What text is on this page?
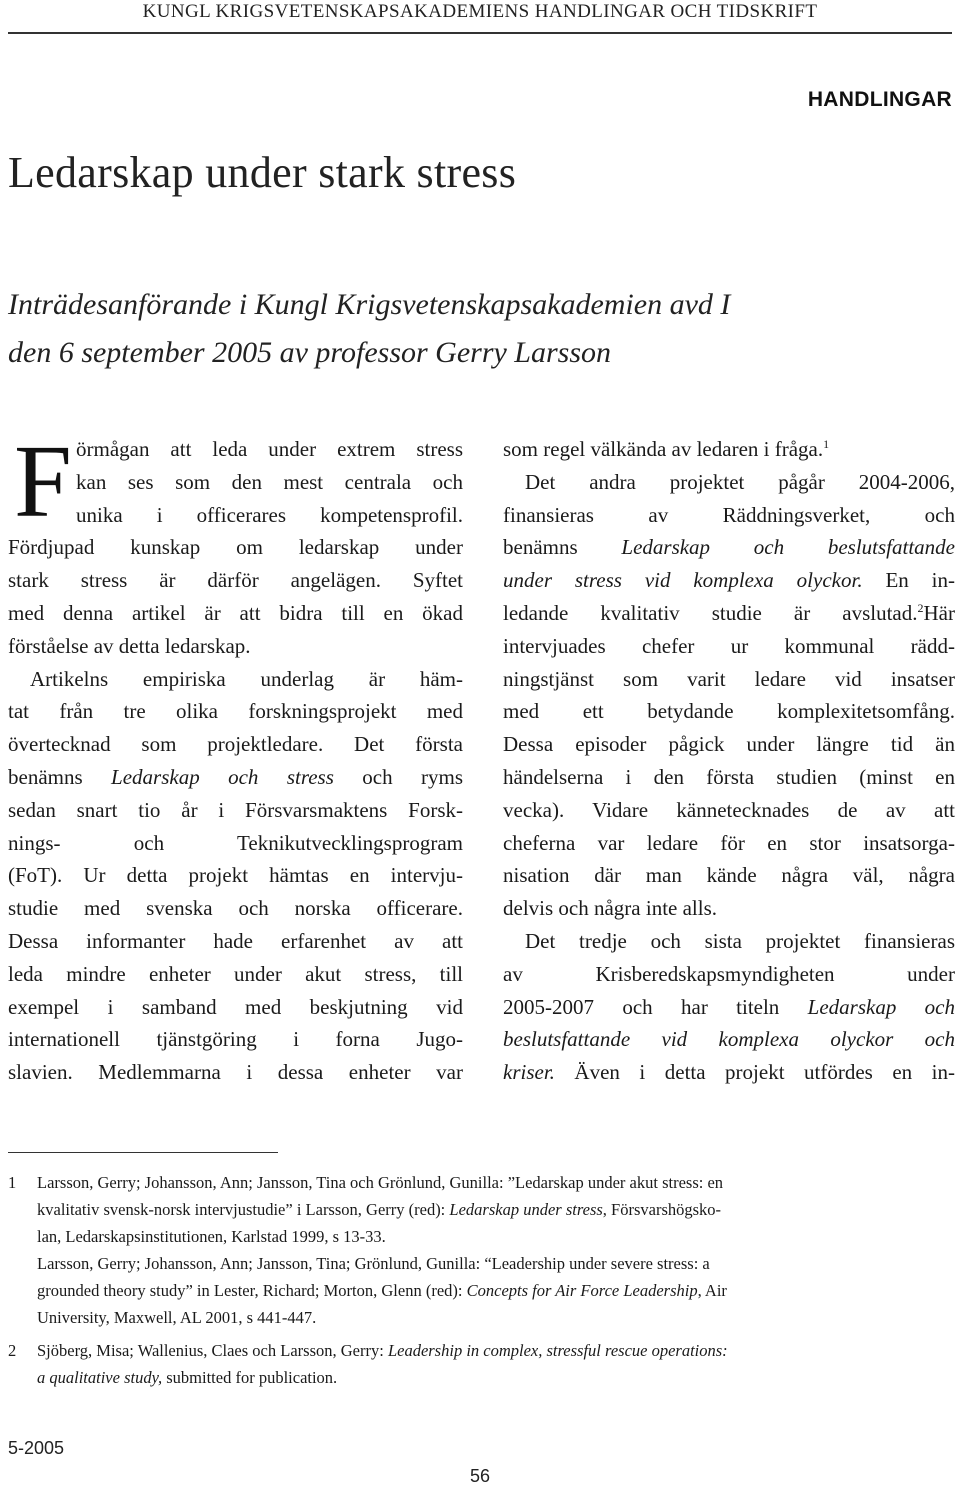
KUNGL KRIGSVETENSKAPSAKADEMIENS HANDLINGAR OCH TIDSKRIFT
HANDLINGAR
Ledarskap under stark stress
Inträdesanförande i Kungl Krigsvetenskapsakademien avd I
den 6 september 2005 av professor Gerry Larsson
F örmågan att leda under extrem stress
kan ses som den mest centrala och
unika i officerares kompetensprofil.
Fördjupad kunskap om ledarskap under
stark stress är därför angelägen. Syftet
med denna artikel är att bidra till en ökad
förståelse av detta ledarskap.
Artikelns empiriska underlag är häm-
tat från tre olika forskningsprojekt med
övertecknad som projektledare. Det första
benämns Ledarskap och stress och ryms
sedan snart tio år i Försvarsmaktens Forsk-
nings- och Teknikutvecklingsprogram
(FoT). Ur detta projekt hämtas en intervju-
studie med svenska och norska officerare.
Dessa informanter hade erfarenhet av att
leda mindre enheter under akut stress, till
exempel i samband med beskjutning vid
internationell tjänstgöring i forna Jugo-
slavien. Medlemmarna i dessa enheter var
som regel välkända av ledaren i fråga.$^1$
Det andra projektet pågår 2004-2006,
finansieras av Räddningsverket, och
benämns Ledarskap och beslutsfattande
under stress vid komplexa olyckor. En in-
ledande kvalitativ studie är avslutad.$^2$Här
intervjuades chefer ur kommunal rädd-
ningstjänst som varit ledare vid insatser
med ett betydande komplexitetsomfång.
Dessa episoder pågick under längre tid än
händelserna i den första studien (minst en
vecka). Vidare kännetecknades de av att
cheferna var ledare för en stor insatsorga-
nisation där man kände några väl, några
delvis och några inte alls.
Det tredje och sista projektet finansieras
av Krisberedskapsmyndigheten under
2005-2007 och har titeln Ledarskap och
beslutsfattande vid komplexa olyckor och
kriser. Även i detta projekt utfördes en in-
1 Larsson, Gerry; Johansson, Ann; Jansson, Tina och Grönlund, Gunilla: ”Ledarskap under akut stress: en
kvalitativ svensk-norsk intervjustudie” i Larsson, Gerry (red): Ledarskap under stress, Försvarshögsko-
lan, Ledarskapsinstitutionen, Karlstad 1999, s 13-33.
Larsson, Gerry; Johansson, Ann; Jansson, Tina; Grönlund, Gunilla: “Leadership under severe stress: a
grounded theory study” in Lester, Richard; Morton, Glenn (red): Concepts for Air Force Leadership, Air
University, Maxwell, AL 2001, s 441-447.
2 Sjöberg, Misa; Wallenius, Claes och Larsson, Gerry: Leadership in complex, stressful rescue operations:
a qualitative study, submitted for publication.
5-2005
56
